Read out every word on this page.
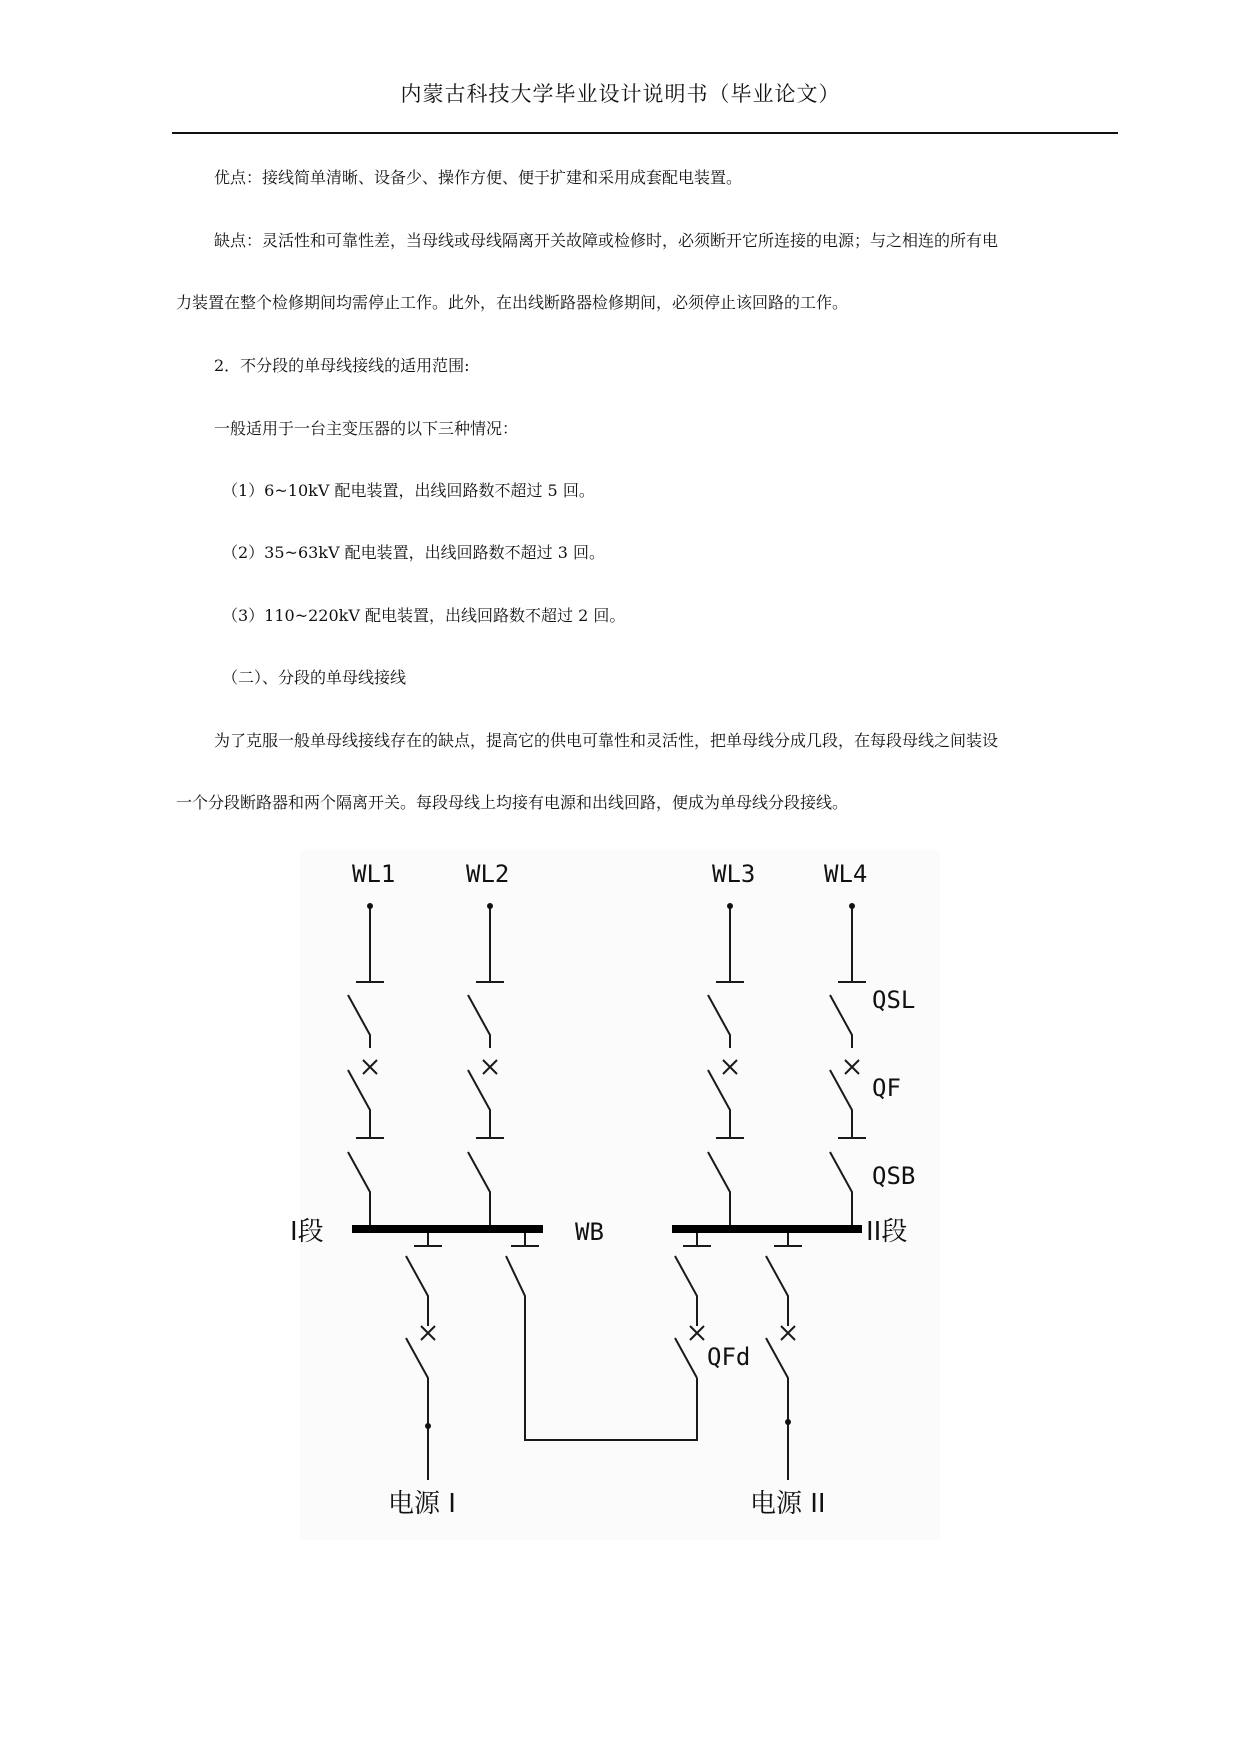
内蒙古科技大学毕业设计说明书（毕业论文）
优点：接线简单清晰、设备少、操作方便、便于扩建和采用成套配电装置。
缺点：灵活性和可靠性差，当母线或母线隔离开关故障或检修时，必须断开它所连接的电源；与之相连的所有电
力装置在整个检修期间均需停止工作。此外，在出线断路器检修期间，必须停止该回路的工作。
2．不分段的单母线接线的适用范围:
一般适用于一台主变压器的以下三种情况：
（1）6~10kV 配电装置，出线回路数不超过 5 回。
（2）35~63kV 配电装置，出线回路数不超过 3 回。
（3）110~220kV 配电装置，出线回路数不超过 2 回。
（二）、分段的单母线接线
为了克服一般单母线接线存在的缺点，提高它的供电可靠性和灵活性，把单母线分成几段，在每段母线之间装设
一个分段断路器和两个隔离开关。每段母线上均接有电源和出线回路，便成为单母线分段接线。
WL1	WL2	WL3	WL4
QSL
QF
QSB
I段	II段
WB
QFd
电源 I	电源 II
